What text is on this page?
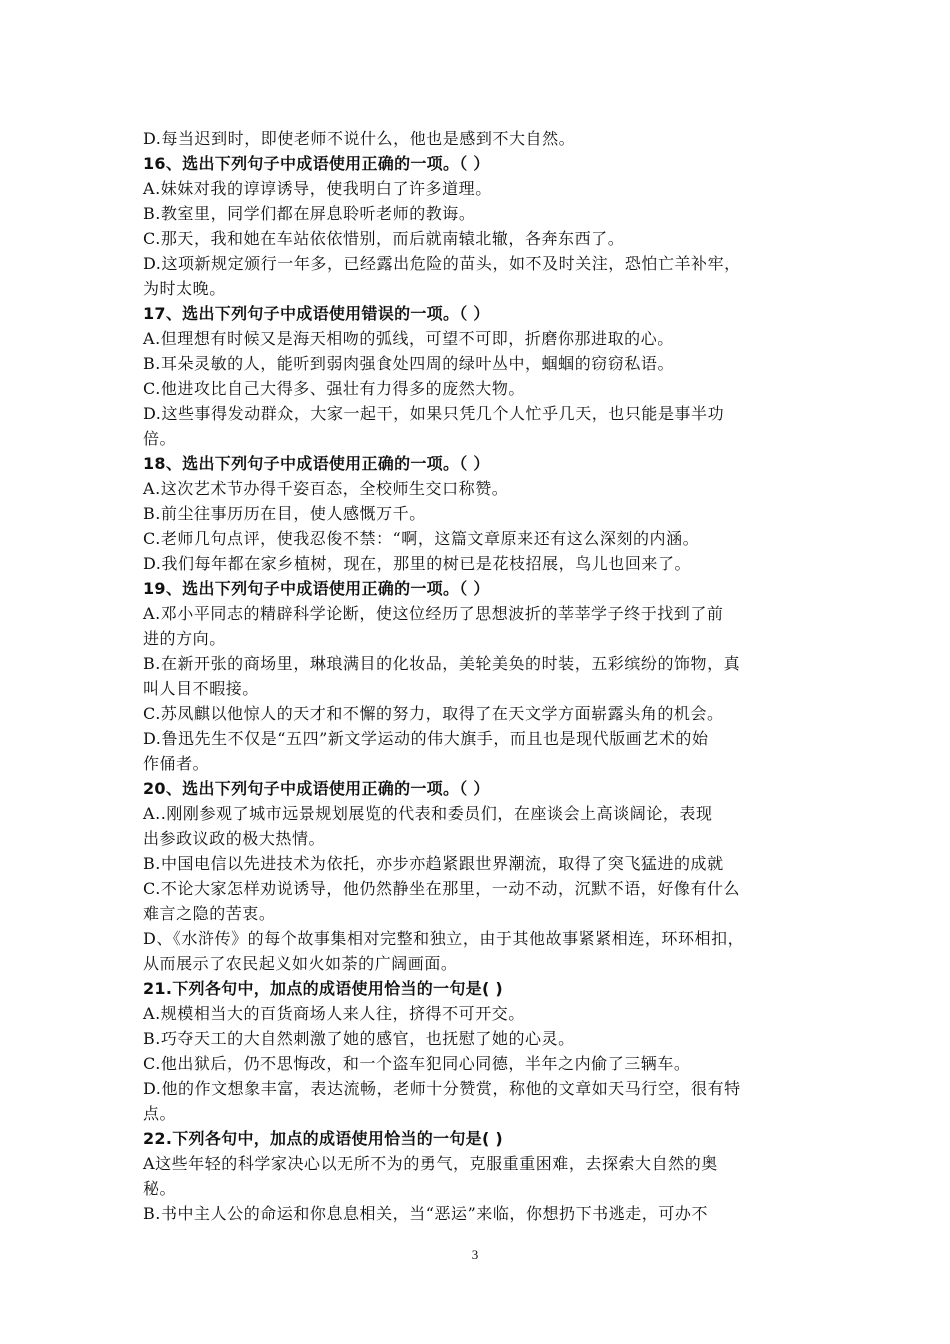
D.每当迟到时，即使老师不说什么，他也是感到不大自然。
16、选出下列句子中成语使用正确的一项。（ ）
A.妹妹对我的谆谆诱导，使我明白了许多道理。
B.教室里，同学们都在屏息聆听老师的教诲。
C.那天，我和她在车站依依惜别，而后就南辕北辙，各奔东西了。
D.这项新规定颁行一年多，已经露出危险的苗头，如不及时关注，恐怕亡羊补牢，
为时太晚。
17、选出下列句子中成语使用错误的一项。（ ）
A.但理想有时候又是海天相吻的弧线，可望不可即，折磨你那进取的心。
B.耳朵灵敏的人，能听到弱肉强食处四周的绿叶丛中，蝈蝈的窃窃私语。
C.他进攻比自己大得多、强壮有力得多的庞然大物。
D.这些事得发动群众，大家一起干，如果只凭几个人忙乎几天，也只能是事半功
倍。
18、选出下列句子中成语使用正确的一项。（ ）
A.这次艺术节办得千姿百态，全校师生交口称赞。
B.前尘往事历历在目，使人感慨万千。
C.老师几句点评，使我忍俊不禁：“啊，这篇文章原来还有这么深刻的内涵。
D.我们每年都在家乡植树，现在，那里的树已是花枝招展，鸟儿也回来了。
19、选出下列句子中成语使用正确的一项。（ ）
A.邓小平同志的精辟科学论断，使这位经历了思想波折的莘莘学子终于找到了前
进的方向。
B.在新开张的商场里，琳琅满目的化妆品，美轮美奂的时装，五彩缤纷的饰物，真
叫人目不暇接。
C.苏凤麒以他惊人的天才和不懈的努力，取得了在天文学方面崭露头角的机会。
D.鲁迅先生不仅是“五四”新文学运动的伟大旗手，而且也是现代版画艺术的始
作俑者。
20、选出下列句子中成语使用正确的一项。（ ）
A..刚刚参观了城市远景规划展览的代表和委员们，在座谈会上高谈阔论，表现
出参政议政的极大热情。
B.中国电信以先进技术为依托，亦步亦趋紧跟世界潮流，取得了突飞猛进的成就
C.不论大家怎样劝说诱导，他仍然静坐在那里，一动不动，沉默不语，好像有什么
难言之隐的苦衷。
D、《水浒传》的每个故事集相对完整和独立，由于其他故事紧紧相连，环环相扣，
从而展示了农民起义如火如荼的广阔画面。
21.下列各句中，加点的成语使用恰当的一句是( )
A.规模相当大的百货商场人来人往，挤得不可开交。
B.巧夺天工的大自然刺激了她的感官，也抚慰了她的心灵。
C.他出狱后，仍不思悔改，和一个盗车犯同心同德，半年之内偷了三辆车。
D.他的作文想象丰富，表达流畅，老师十分赞赏，称他的文章如天马行空，很有特
点。
22.下列各句中，加点的成语使用恰当的一句是( )
A这些年轻的科学家决心以无所不为的勇气，克服重重困难，去探索大自然的奥
秘。
B.书中主人公的命运和你息息相关，当“恶运”来临，你想扔下书逃走，可办不
3
